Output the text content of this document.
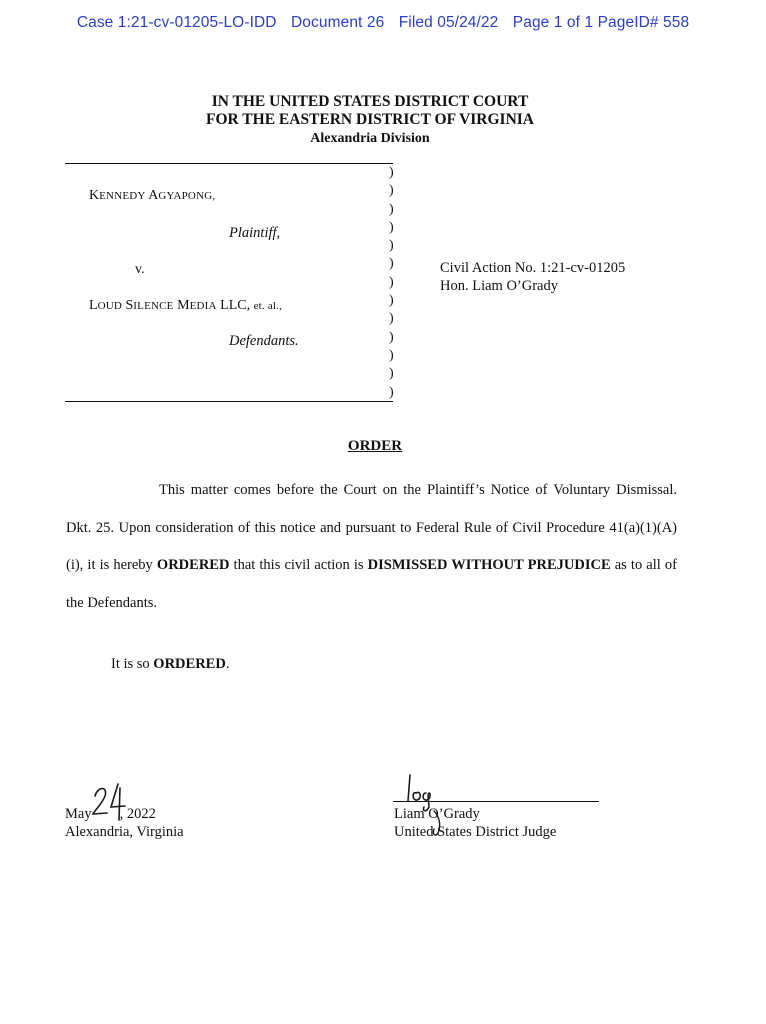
Case 1:21-cv-01205-LO-IDD Document 26 Filed 05/24/22 Page 1 of 1 PageID# 558
IN THE UNITED STATES DISTRICT COURT
FOR THE EASTERN DISTRICT OF VIRGINIA
Alexandria Division
KENNEDY AGYAPONG,
Plaintiff,
v.
LOUD SILENCE MEDIA LLC, et. al.,
Defendants.
)
)
)
)
)
)
)
)
)
)
)
)
)
Civil Action No. 1:21-cv-01205
Hon. Liam O’Grady
ORDER

This matter comes before the Court on the Plaintiff’s Notice of Voluntary Dismissal. Dkt. 25. Upon consideration of this notice and pursuant to Federal Rule of Civil Procedure 41(a)(1)(A)(i), it is hereby ORDERED that this civil action is DISMISSED WITHOUT PREJUDICE as to all of the Defendants.

It is so ORDERED.
May , 2022
Alexandria, Virginia
Liam O’Grady
United States District Judge
